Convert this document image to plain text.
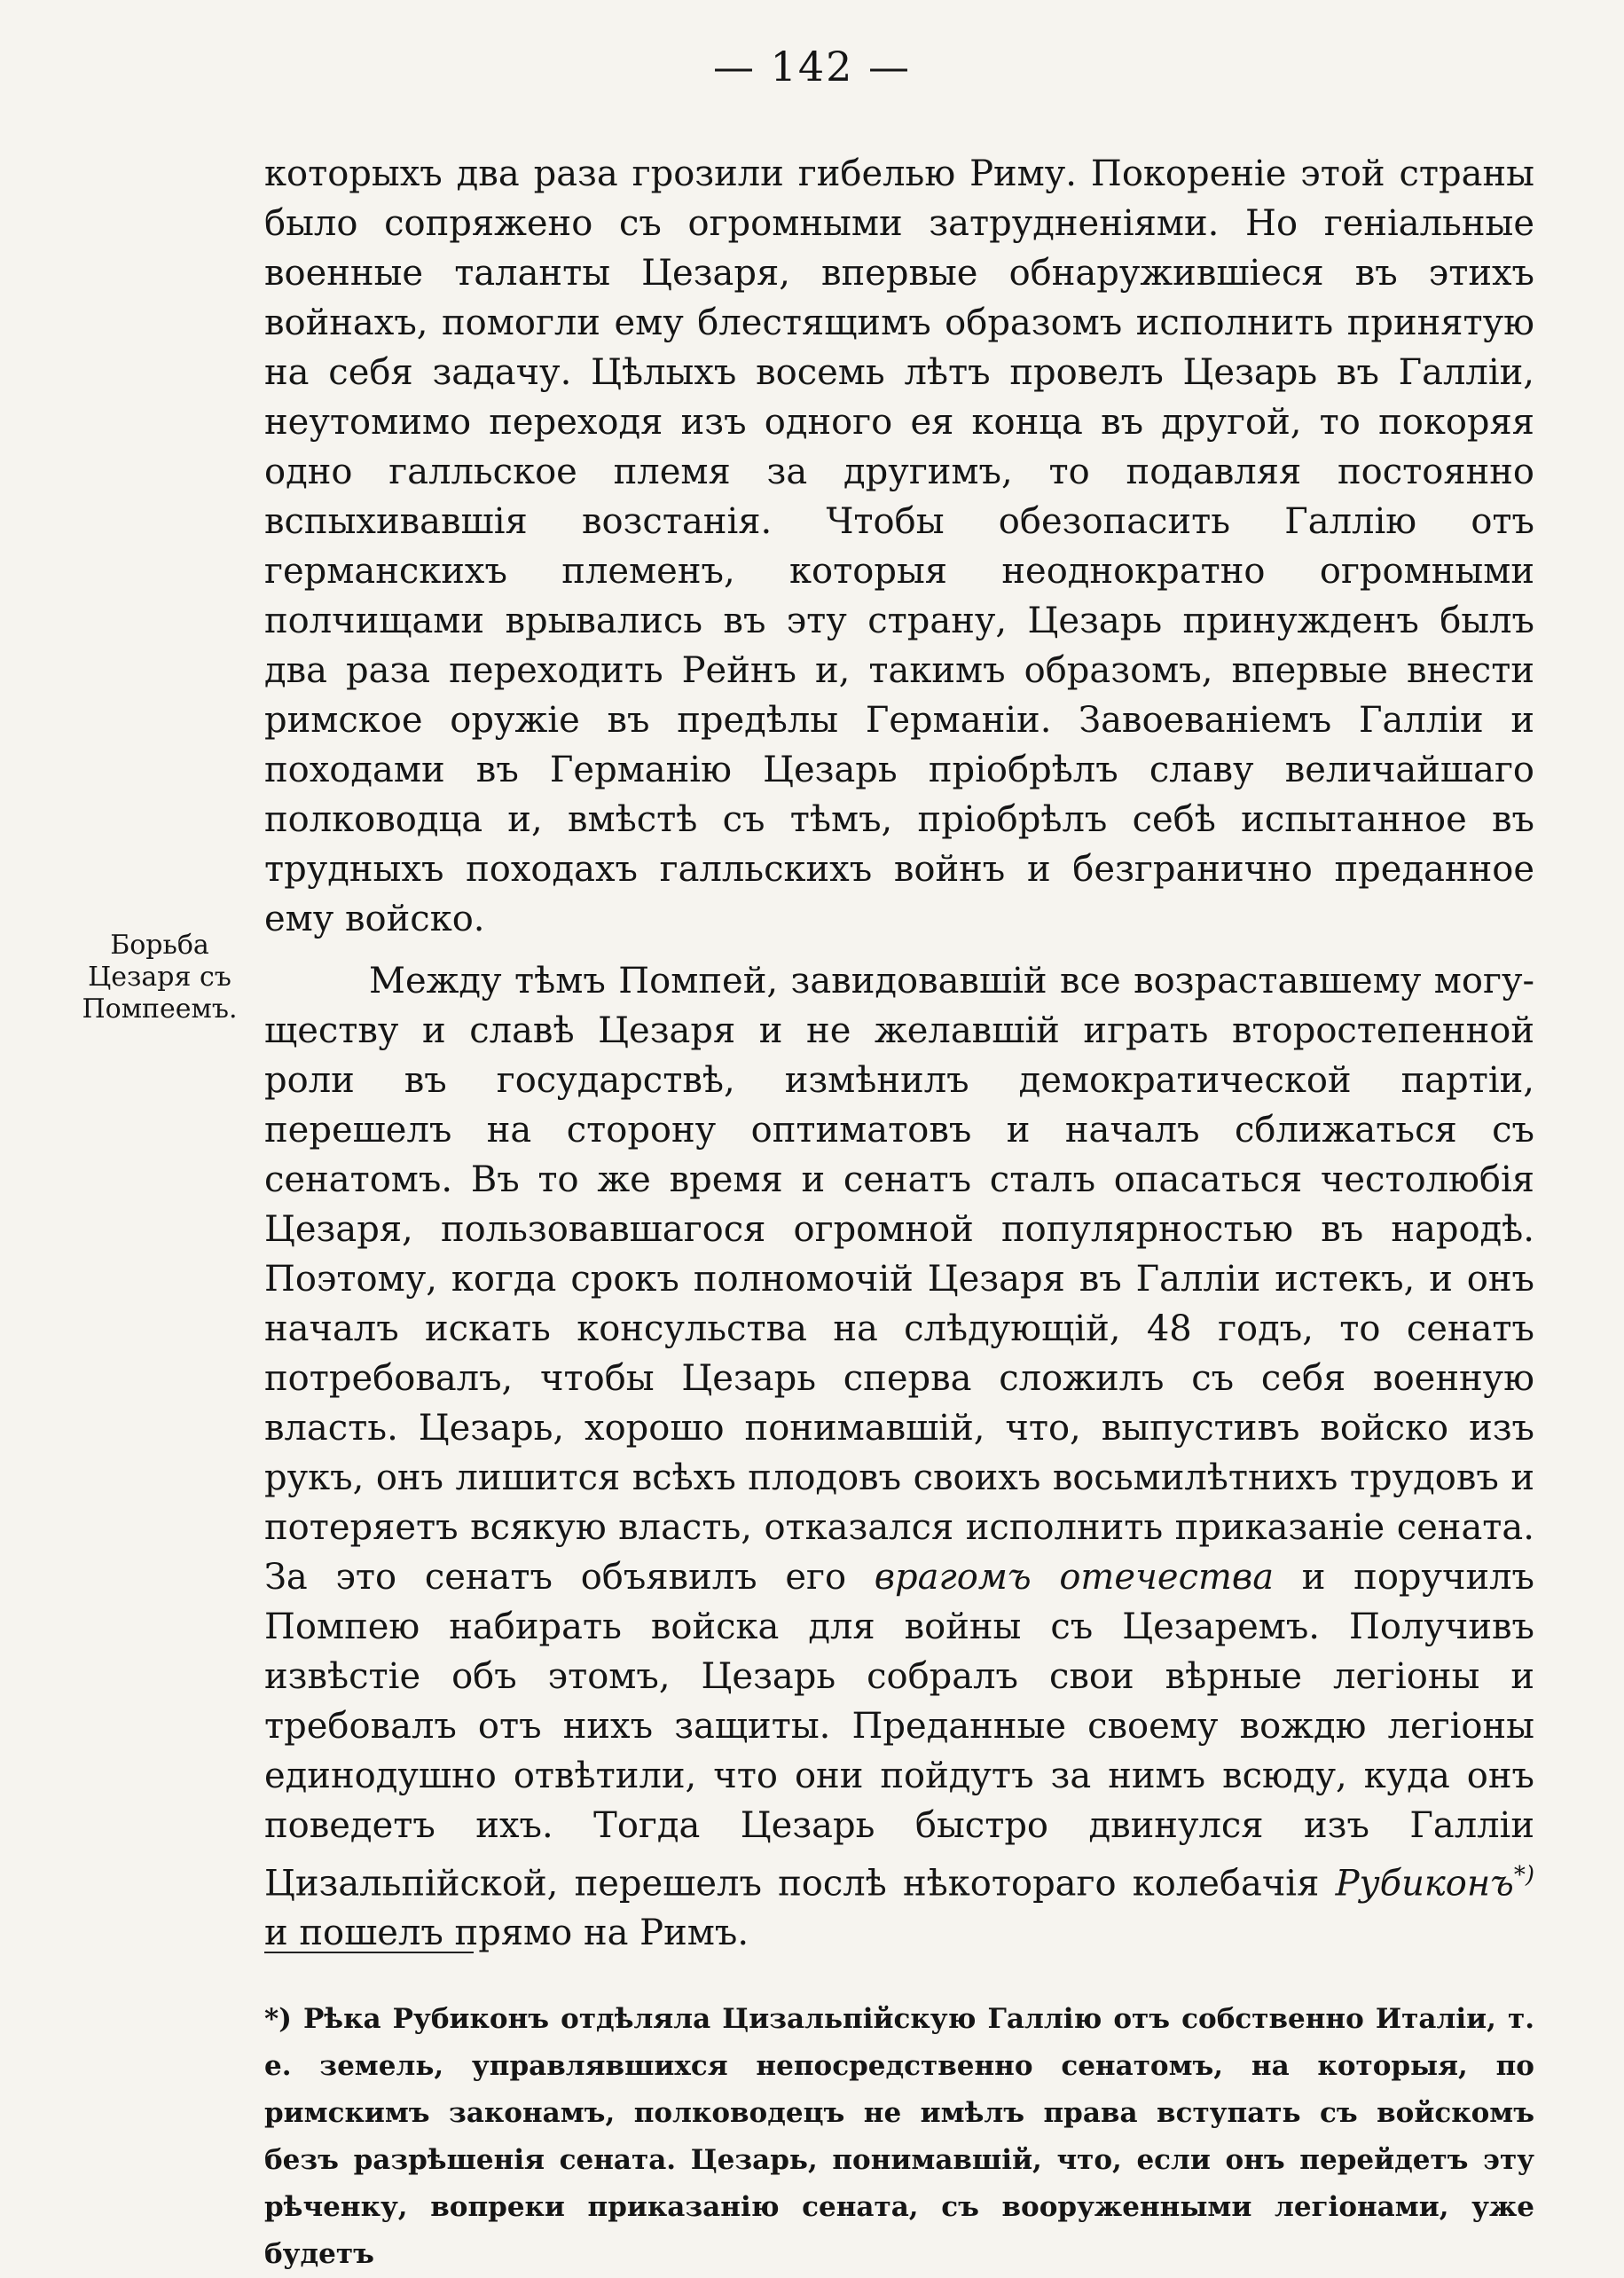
— 142 —
Борьба
Цезаря съ
Помпеемъ.

которыхъ два раза грозили гибелью Риму. Покореніе этой страны было сопряжено съ огромными затрудненіями. Но геніальные военные таланты Цезаря, впервые обнаружившіеся въ этихъ войнахъ, помогли ему блестящимъ образомъ исполнить принятую на себя задачу. Цѣлыхъ восемь лѣтъ провелъ Цезарь въ Галліи, неутомимо переходя изъ одного ея конца въ другой, то покоряя одно галльское племя за другимъ, то подавляя постоянно вспыхивавшія возстанія. Чтобы обезопасить Галлію отъ германскихъ племенъ, которыя неоднократно огромными полчищами врывались въ эту страну, Цезарь принужденъ былъ два раза переходить Рейнъ и, такимъ образомъ, впервые внести римское оружіе въ предѣлы Германіи. Завоеваніемъ Галліи и походами въ Германію Цезарь пріобрѣлъ славу величайшаго полководца и, вмѣстѣ съ тѣмъ, пріобрѣлъ себѣ испытанное въ трудныхъ походахъ галльскихъ войнъ и безгранично преданное ему войско.

Между тѣмъ Помпей, завидовавшій все возраставшему могуществу и славѣ Цезаря и не желавшій играть второстепенной роли въ государствѣ, измѣнилъ демократической партіи, перешелъ на сторону оптиматовъ и началъ сближаться съ сенатомъ. Въ то же время и сенатъ сталъ опасаться честолюбія Цезаря, пользовавшагося огромной популярностью въ народѣ. Поэтому, когда срокъ полномочій Цезаря въ Галліи истекъ, и онъ началъ искать консульства на слѣдующій, 48 годъ, то сенатъ потребовалъ, чтобы Цезарь сперва сложилъ съ себя военную власть. Цезарь, хорошо понимавшій, что, выпустивъ войско изъ рукъ, онъ лишится всѣхъ плодовъ своихъ восьмилѣтнихъ трудовъ и потеряетъ всякую власть, отказался исполнить приказаніе сената. За это сенатъ объявилъ его врагомъ отечества и поручилъ Помпею набирать войска для войны съ Цезаремъ. Получивъ извѣстіе объ этомъ, Цезарь собралъ свои вѣрные легіоны и требовалъ отъ нихъ защиты. Преданные своему вождю легіоны единодушно отвѣтили, что они пойдутъ за нимъ всюду, куда онъ поведетъ ихъ. Тогда Цезарь быстро двинулся изъ Галліи Цизальпійской, перешелъ послѣ нѣкотораго колебачія Рубиконъ*) и пошелъ прямо на Римъ.

*) Рѣка Рубиконъ отдѣляла Цизальпійскую Галлію отъ собственно Италіи, т. е. земель, управлявшихся непосредственно сенатомъ, на которыя, по римскимъ законамъ, полководецъ не имѣлъ права вступать съ войскомъ безъ разрѣшенія сената. Цезарь, понимавшій, что, если онъ перейдетъ эту рѣченку, вопреки приказанію сената, съ вооруженными легіонами, уже будетъ
